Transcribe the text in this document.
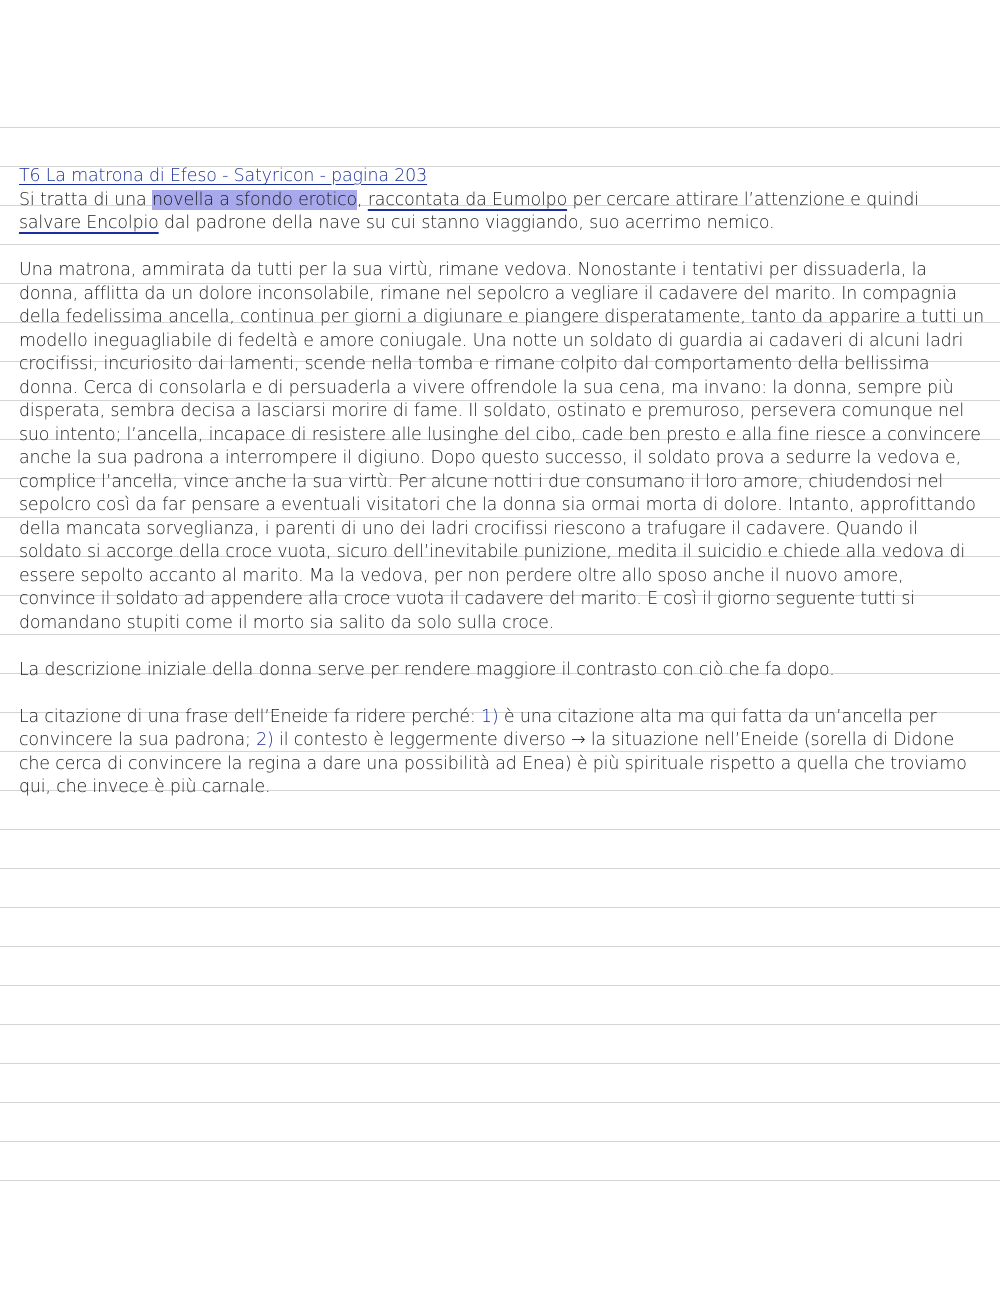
T6 La matrona di Efeso - Satyricon - pagina 203

Si tratta di una novella a sfondo erotico, raccontata da Eumolpo per cercare attirare l’attenzione e quindi salvare Encolpio dal padrone della nave su cui stanno viaggiando, suo acerrimo nemico.

Una matrona, ammirata da tutti per la sua virtù, rimane vedova. Nonostante i tentativi per dissuaderla, la donna, afflitta da un dolore inconsolabile, rimane nel sepolcro a vegliare il cadavere del marito. In compagnia della fedelissima ancella, continua per giorni a digiunare e piangere disperatamente, tanto da apparire a tutti un modello ineguagliabile di fedeltà e amore coniugale. Una notte un soldato di guardia ai cadaveri di alcuni ladri crocifissi, incuriosito dai lamenti, scende nella tomba e rimane colpito dal comportamento della bellissima donna. Cerca di consolarla e di persuaderla a vivere offrendole la sua cena, ma invano: la donna, sempre più disperata, sembra decisa a lasciarsi morire di fame. Il soldato, ostinato e premuroso, persevera comunque nel suo intento; l’ancella, incapace di resistere alle lusinghe del cibo, cade ben presto e alla fine riesce a convincere anche la sua padrona a interrompere il digiuno. Dopo questo successo, il soldato prova a sedurre la vedova e, complice l’ancella, vince anche la sua virtù. Per alcune notti i due consumano il loro amore, chiudendosi nel sepolcro così da far pensare a eventuali visitatori che la donna sia ormai morta di dolore. Intanto, approfittando della mancata sorveglianza, i parenti di uno dei ladri crocifissi riescono a trafugare il cadavere. Quando il soldato si accorge della croce vuota, sicuro dell’inevitabile punizione, medita il suicidio e chiede alla vedova di essere sepolto accanto al marito. Ma la vedova, per non perdere oltre allo sposo anche il nuovo amore, convince il soldato ad appendere alla croce vuota il cadavere del marito. E così il giorno seguente tutti si domandano stupiti come il morto sia salito da solo sulla croce.

La descrizione iniziale della donna serve per rendere maggiore il contrasto con ciò che fa dopo.

La citazione di una frase dell’Eneide fa ridere perché: 1) è una citazione alta ma qui fatta da un’ancella per convincere la sua padrona; 2) il contesto è leggermente diverso → la situazione nell’Eneide (sorella di Didone che cerca di convincere la regina a dare una possibilità ad Enea) è più spirituale rispetto a quella che troviamo qui, che invece è più carnale.
